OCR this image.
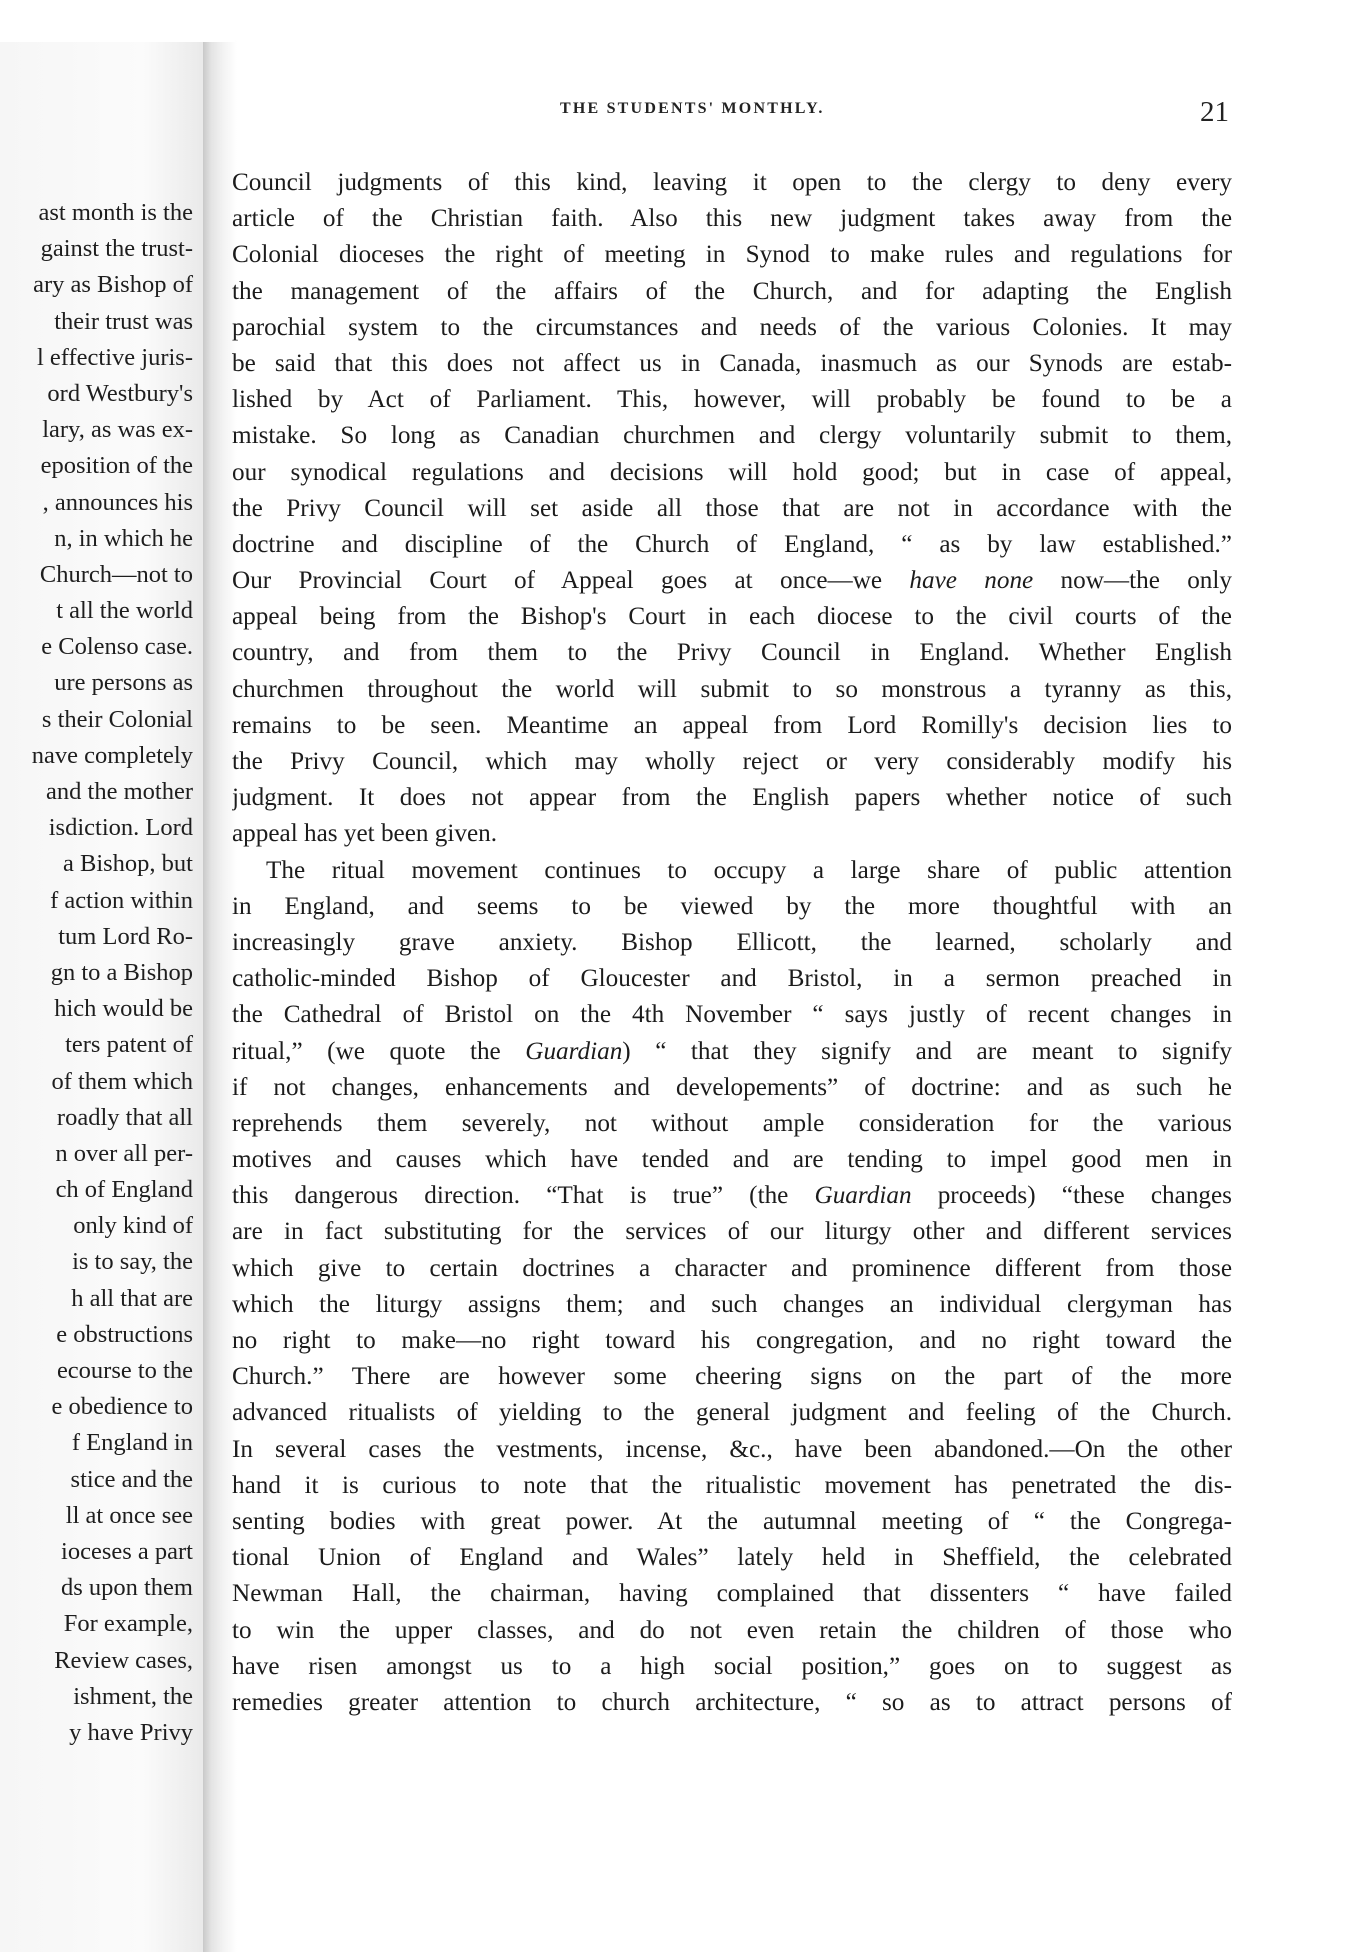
ast month is the
gainst the trust-
ary as Bishop of
their trust was
l effective juris-
ord Westbury's
lary, as was ex-
eposition of the
, announces his
n, in which he
Church—not to
t all the world
e Colenso case.
ure persons as
s their Colonial
nave completely
and the mother
isdiction. Lord
a Bishop, but
f action within
tum Lord Ro-
gn to a Bishop
hich would be
ters patent of
of them which
roadly that all
n over all per-
ch of England
only kind of
is to say, the
h all that are
e obstructions
ecourse to the
e obedience to
f England in
stice and the
ll at once see
ioceses a part
ds upon them
For example,
Review cases,
ishment, the
y have Privy
THE STUDENTS' MONTHLY.	21
Council judgments of this kind, leaving it open to the clergy to deny every
article of the Christian faith. Also this new judgment takes away from the
Colonial dioceses the right of meeting in Synod to make rules and regulations for
the management of the affairs of the Church, and for adapting the English
parochial system to the circumstances and needs of the various Colonies. It may
be said that this does not affect us in Canada, inasmuch as our Synods are estab-
lished by Act of Parliament. This, however, will probably be found to be a
mistake. So long as Canadian churchmen and clergy voluntarily submit to them,
our synodical regulations and decisions will hold good; but in case of appeal,
the Privy Council will set aside all those that are not in accordance with the
doctrine and discipline of the Church of England, “ as by law established.”
Our Provincial Court of Appeal goes at once—we have none now—the only
appeal being from the Bishop's Court in each diocese to the civil courts of the
country, and from them to the Privy Council in England. Whether English
churchmen throughout the world will submit to so monstrous a tyranny as this,
remains to be seen. Meantime an appeal from Lord Romilly's decision lies to
the Privy Council, which may wholly reject or very considerably modify his
judgment. It does not appear from the English papers whether notice of such
appeal has yet been given.
The ritual movement continues to occupy a large share of public attention
in England, and seems to be viewed by the more thoughtful with an
increasingly grave anxiety. Bishop Ellicott, the learned, scholarly and
catholic-minded Bishop of Gloucester and Bristol, in a sermon preached in
the Cathedral of Bristol on the 4th November “ says justly of recent changes in
ritual,” (we quote the Guardian) “ that they signify and are meant to signify
if not changes, enhancements and developements” of doctrine: and as such he
reprehends them severely, not without ample consideration for the various
motives and causes which have tended and are tending to impel good men in
this dangerous direction. “That is true” (the Guardian proceeds) “these changes
are in fact substituting for the services of our liturgy other and different services
which give to certain doctrines a character and prominence different from those
which the liturgy assigns them; and such changes an individual clergyman has
no right to make—no right toward his congregation, and no right toward the
Church.” There are however some cheering signs on the part of the more
advanced ritualists of yielding to the general judgment and feeling of the Church.
In several cases the vestments, incense, &c., have been abandoned.—On the other
hand it is curious to note that the ritualistic movement has penetrated the dis-
senting bodies with great power. At the autumnal meeting of “ the Congrega-
tional Union of England and Wales” lately held in Sheffield, the celebrated
Newman Hall, the chairman, having complained that dissenters “ have failed
to win the upper classes, and do not even retain the children of those who
have risen amongst us to a high social position,” goes on to suggest as
remedies greater attention to church architecture, “ so as to attract persons of
